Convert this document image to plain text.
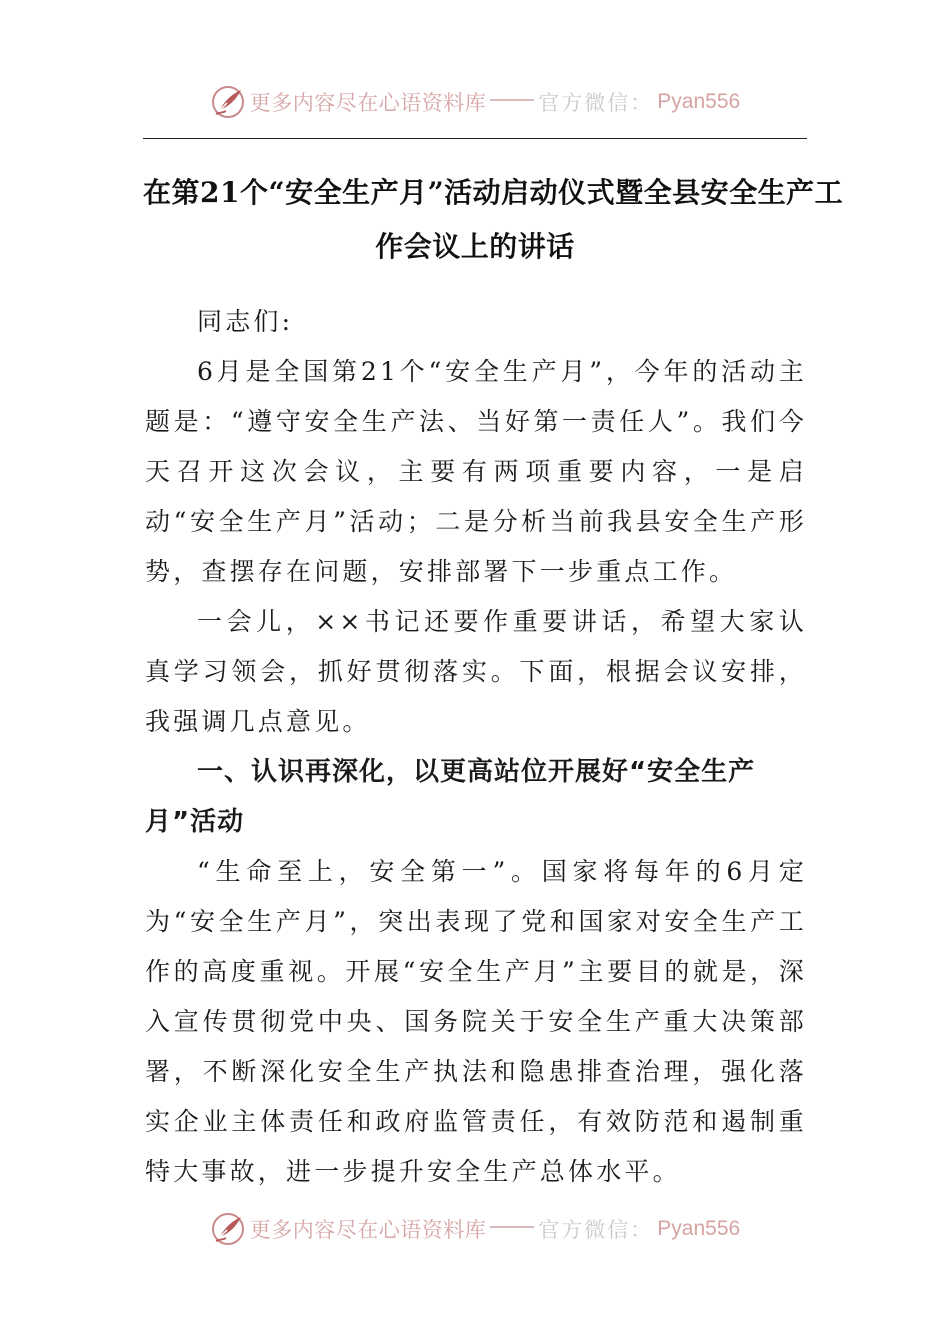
更多内容尽在心语资料库 官方微信： Pyan556
在第21个“安全生产月”活动启动仪式暨全县安全生产工
作会议上的讲话

同志们:

6月是全国第21个“安全生产月”，今年的活动主题是：“遵守安全生产法、当好第一责任人”。我们今天召开这次会议，主要有两项重要内容，一是启动“安全生产月”活动；二是分析当前我县安全生产形势，查摆存在问题，安排部署下一步重点工作。

一会儿，××书记还要作重要讲话，希望大家认真学习领会，抓好贯彻落实。下面，根据会议安排，我强调几点意见。

一、认识再深化，以更高站位开展好“安全生产月”活动

“生命至上，安全第一”。国家将每年的6月定为“安全生产月”，突出表现了党和国家对安全生产工作的高度重视。开展“安全生产月”主要目的就是，深入宣传贯彻党中央、国务院关于安全生产重大决策部署，不断深化安全生产执法和隐患排查治理，强化落实企业主体责任和政府监管责任，有效防范和遏制重特大事故，进一步提升安全生产总体水平。

更多内容尽在心语资料库 官方微信： Pyan556
